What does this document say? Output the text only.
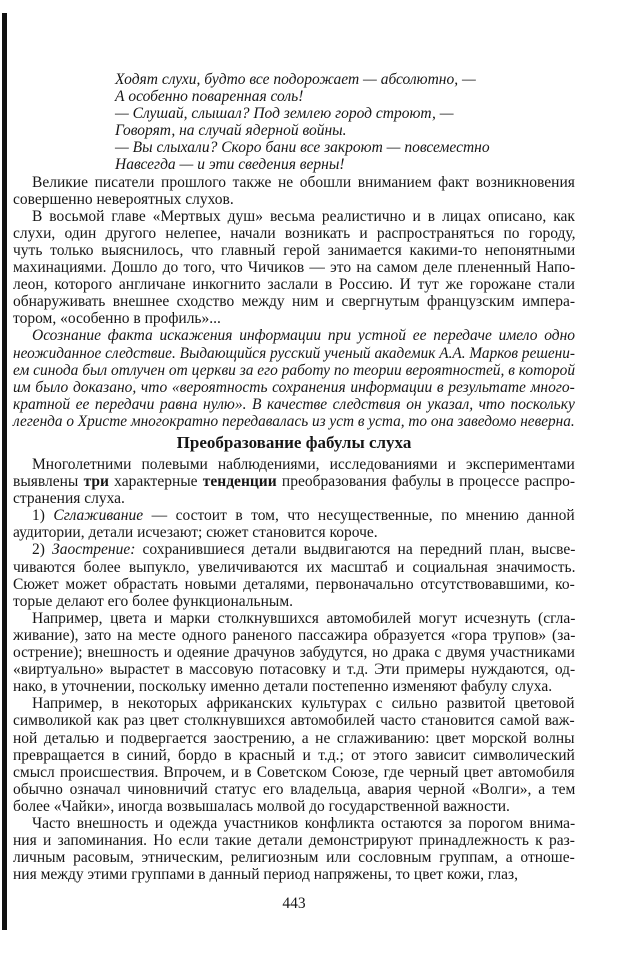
Ходят слухи, будто все подорожает — абсолютно, —
А особенно поваренная соль!
— Слушай, слышал? Под землею город строют, —
Говорят, на случай ядерной войны.
— Вы слыхали? Скоро бани все закроют — повсеместно
Навсегда — и эти сведения верны!
Великие писатели прошлого также не обошли вниманием факт возникновения
совершенно невероятных слухов.
В восьмой главе «Мертвых душ» весьма реалистично и в лицах описано, как
слухи, один другого нелепее, начали возникать и распространяться по городу,
чуть только выяснилось, что главный герой занимается какими-то непонятными
махинациями. Дошло до того, что Чичиков — это на самом деле плененный Напо-
леон, которого англичане инкогнито заслали в Россию. И тут же горожане стали
обнаруживать внешнее сходство между ним и свергнутым французским импера-
тором, «особенно в профиль»...
Осознание факта искажения информации при устной ее передаче имело одно
неожиданное следствие. Выдающийся русский ученый академик А.А. Марков решени-
ем синода был отлучен от церкви за его работу по теории вероятностей, в которой
им было доказано, что «вероятность сохранения информации в результате много-
кратной ее передачи равна нулю». В качестве следствия он указал, что поскольку
легенда о Христе многократно передавалась из уст в уста, то она заведомо неверна.
Преобразование фабулы слуха
Многолетними полевыми наблюдениями, исследованиями и экспериментами
выявлены три характерные тенденции преобразования фабулы в процессе распро-
странения слуха.
1) Сглаживание — состоит в том, что несущественные, по мнению данной
аудитории, детали исчезают; сюжет становится короче.
2) Заострение: сохранившиеся детали выдвигаются на передний план, высве-
чиваются более выпукло, увеличиваются их масштаб и социальная значимость.
Сюжет может обрастать новыми деталями, первоначально отсутствовавшими, ко-
торые делают его более функциональным.
Например, цвета и марки столкнувшихся автомобилей могут исчезнуть (сгла-
живание), зато на месте одного раненого пассажира образуется «гора трупов» (за-
острение); внешность и одеяние драчунов забудутся, но драка с двумя участниками
«виртуально» вырастет в массовую потасовку и т.д. Эти примеры нуждаются, од-
нако, в уточнении, поскольку именно детали постепенно изменяют фабулу слуха.
Например, в некоторых африканских культурах с сильно развитой цветовой
символикой как раз цвет столкнувшихся автомобилей часто становится самой важ-
ной деталью и подвергается заострению, а не сглаживанию: цвет морской волны
превращается в синий, бордо в красный и т.д.; от этого зависит символический
смысл происшествия. Впрочем, и в Советском Союзе, где черный цвет автомобиля
обычно означал чиновничий статус его владельца, авария черной «Волги», а тем
более «Чайки», иногда возвышалась молвой до государственной важности.
Часто внешность и одежда участников конфликта остаются за порогом внима-
ния и запоминания. Но если такие детали демонстрируют принадлежность к раз-
личным расовым, этническим, религиозным или сословным группам, а отноше-
ния между этими группами в данный период напряжены, то цвет кожи, глаз,
443
